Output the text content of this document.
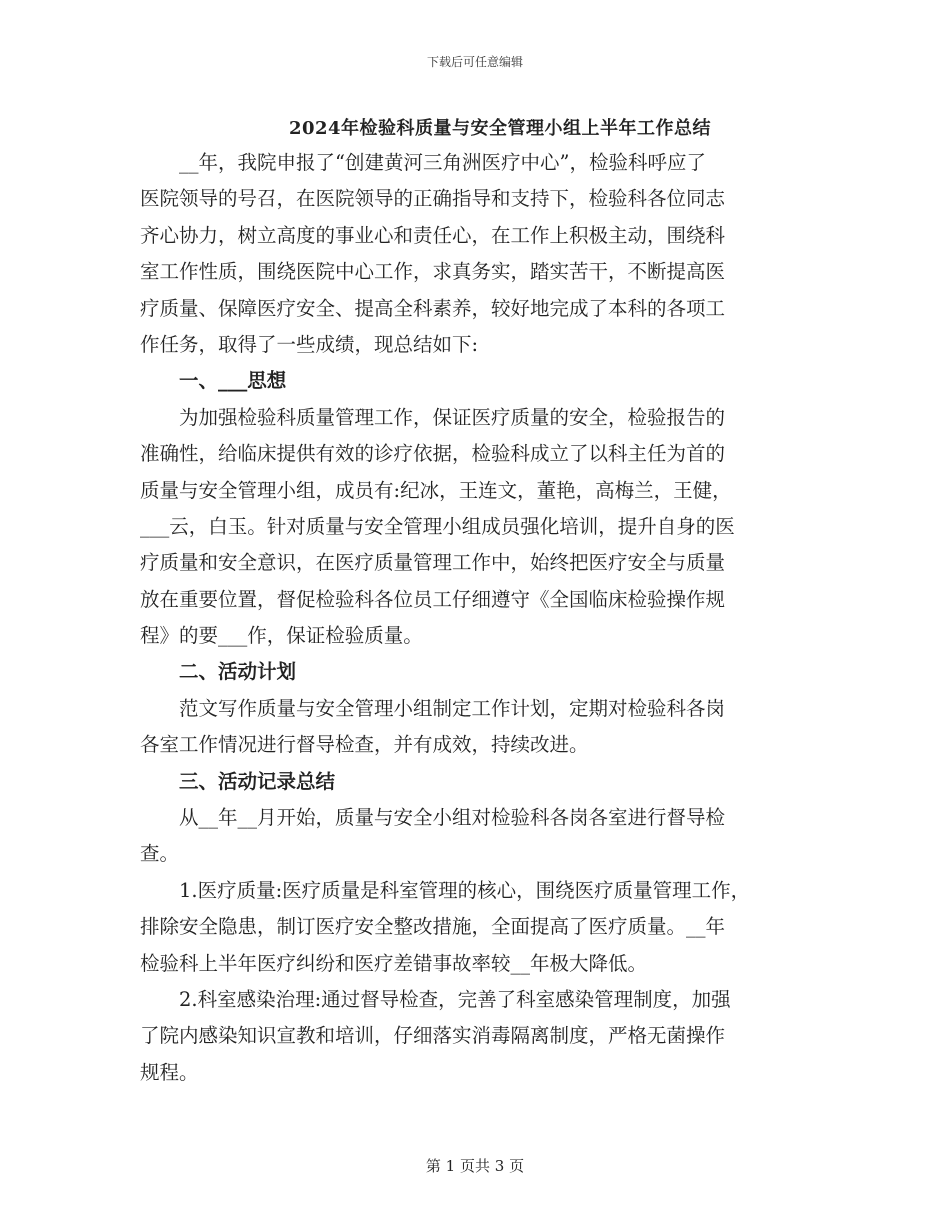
下载后可任意编辑
2024年检验科质量与安全管理小组上半年工作总结
　　__年，我院申报了“创建黄河三角洲医疗中心”，检验科呼应了
医院领导的号召，在医院领导的正确指导和支持下，检验科各位同志
齐心协力，树立高度的事业心和责任心，在工作上积极主动，围绕科
室工作性质，围绕医院中心工作，求真务实，踏实苦干，不断提高医
疗质量、保障医疗安全、提高全科素养，较好地完成了本科的各项工
作任务，取得了一些成绩，现总结如下:
　　一、___思想
　　为加强检验科质量管理工作，保证医疗质量的安全，检验报告的
准确性，给临床提供有效的诊疗依据，检验科成立了以科主任为首的
质量与安全管理小组，成员有:纪冰，王连文，董艳，高梅兰，王健，
___云，白玉。针对质量与安全管理小组成员强化培训，提升自身的医
疗质量和安全意识，在医疗质量管理工作中，始终把医疗安全与质量
放在重要位置，督促检验科各位员工仔细遵守《全国临床检验操作规
程》的要___作，保证检验质量。
　　二、活动计划
　　范文写作质量与安全管理小组制定工作计划，定期对检验科各岗
各室工作情况进行督导检查，并有成效，持续改进。
　　三、活动记录总结
　　从__年__月开始，质量与安全小组对检验科各岗各室进行督导检
查。
　　1.医疗质量:医疗质量是科室管理的核心，围绕医疗质量管理工作，
排除安全隐患，制订医疗安全整改措施，全面提高了医疗质量。__年
检验科上半年医疗纠纷和医疗差错事故率较__年极大降低。
　　2.科室感染治理:通过督导检查，完善了科室感染管理制度，加强
了院内感染知识宣教和培训，仔细落实消毒隔离制度，严格无菌操作
规程。
第 1 页共 3 页
